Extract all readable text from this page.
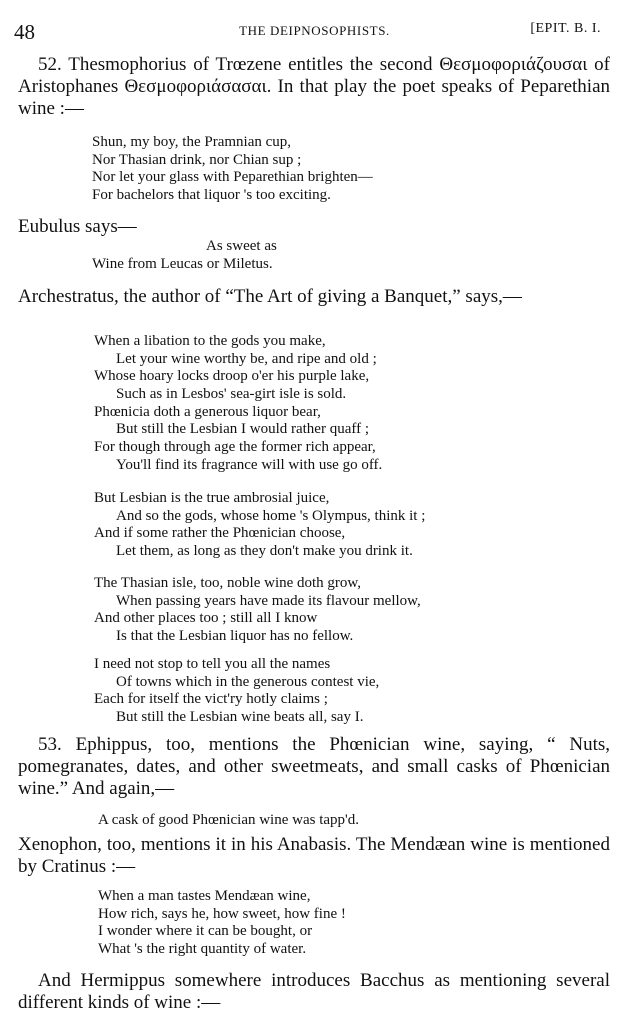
48	THE DEIPNOSOPHISTS.	[EPIT. B. I.

52. Thesmophorius of Trœzene entitles the second Θεσμοφοριάζουσαι of Aristophanes Θεσμοφοριάσασαι. In that play the poet speaks of Peparethian wine :—

Shun, my boy, the Pramnian cup,
Nor Thasian drink, nor Chian sup ;
Nor let your glass with Peparethian brighten—
For bachelors that liquor 's too exciting.

Eubulus says—

As sweet as
Wine from Leucas or Miletus.

Archestratus, the author of “The Art of giving a Banquet,” says,—

When a libation to the gods you make,
Let your wine worthy be, and ripe and old ;
Whose hoary locks droop o'er his purple lake,
Such as in Lesbos' sea-girt isle is sold.
Phœnicia doth a generous liquor bear,
But still the Lesbian I would rather quaff ;
For though through age the former rich appear,
You'll find its fragrance will with use go off.
But Lesbian is the true ambrosial juice,
And so the gods, whose home 's Olympus, think it ;
And if some rather the Phœnician choose,
Let them, as long as they don't make you drink it.
The Thasian isle, too, noble wine doth grow,
When passing years have made its flavour mellow,
And other places too ; still all I know
Is that the Lesbian liquor has no fellow.
I need not stop to tell you all the names
Of towns which in the generous contest vie,
Each for itself the vict'ry hotly claims ;
But still the Lesbian wine beats all, say I.

53. Ephippus, too, mentions the Phœnician wine, saying, “ Nuts, pomegranates, dates, and other sweetmeats, and small casks of Phœnician wine.” And again,—

A cask of good Phœnician wine was tapp'd.

Xenophon, too, mentions it in his Anabasis. The Mendæan wine is mentioned by Cratinus :—

When a man tastes Mendæan wine,
How rich, says he, how sweet, how fine !
I wonder where it can be bought, or
What 's the right quantity of water.

And Hermippus somewhere introduces Bacchus as mentioning several different kinds of wine :—
